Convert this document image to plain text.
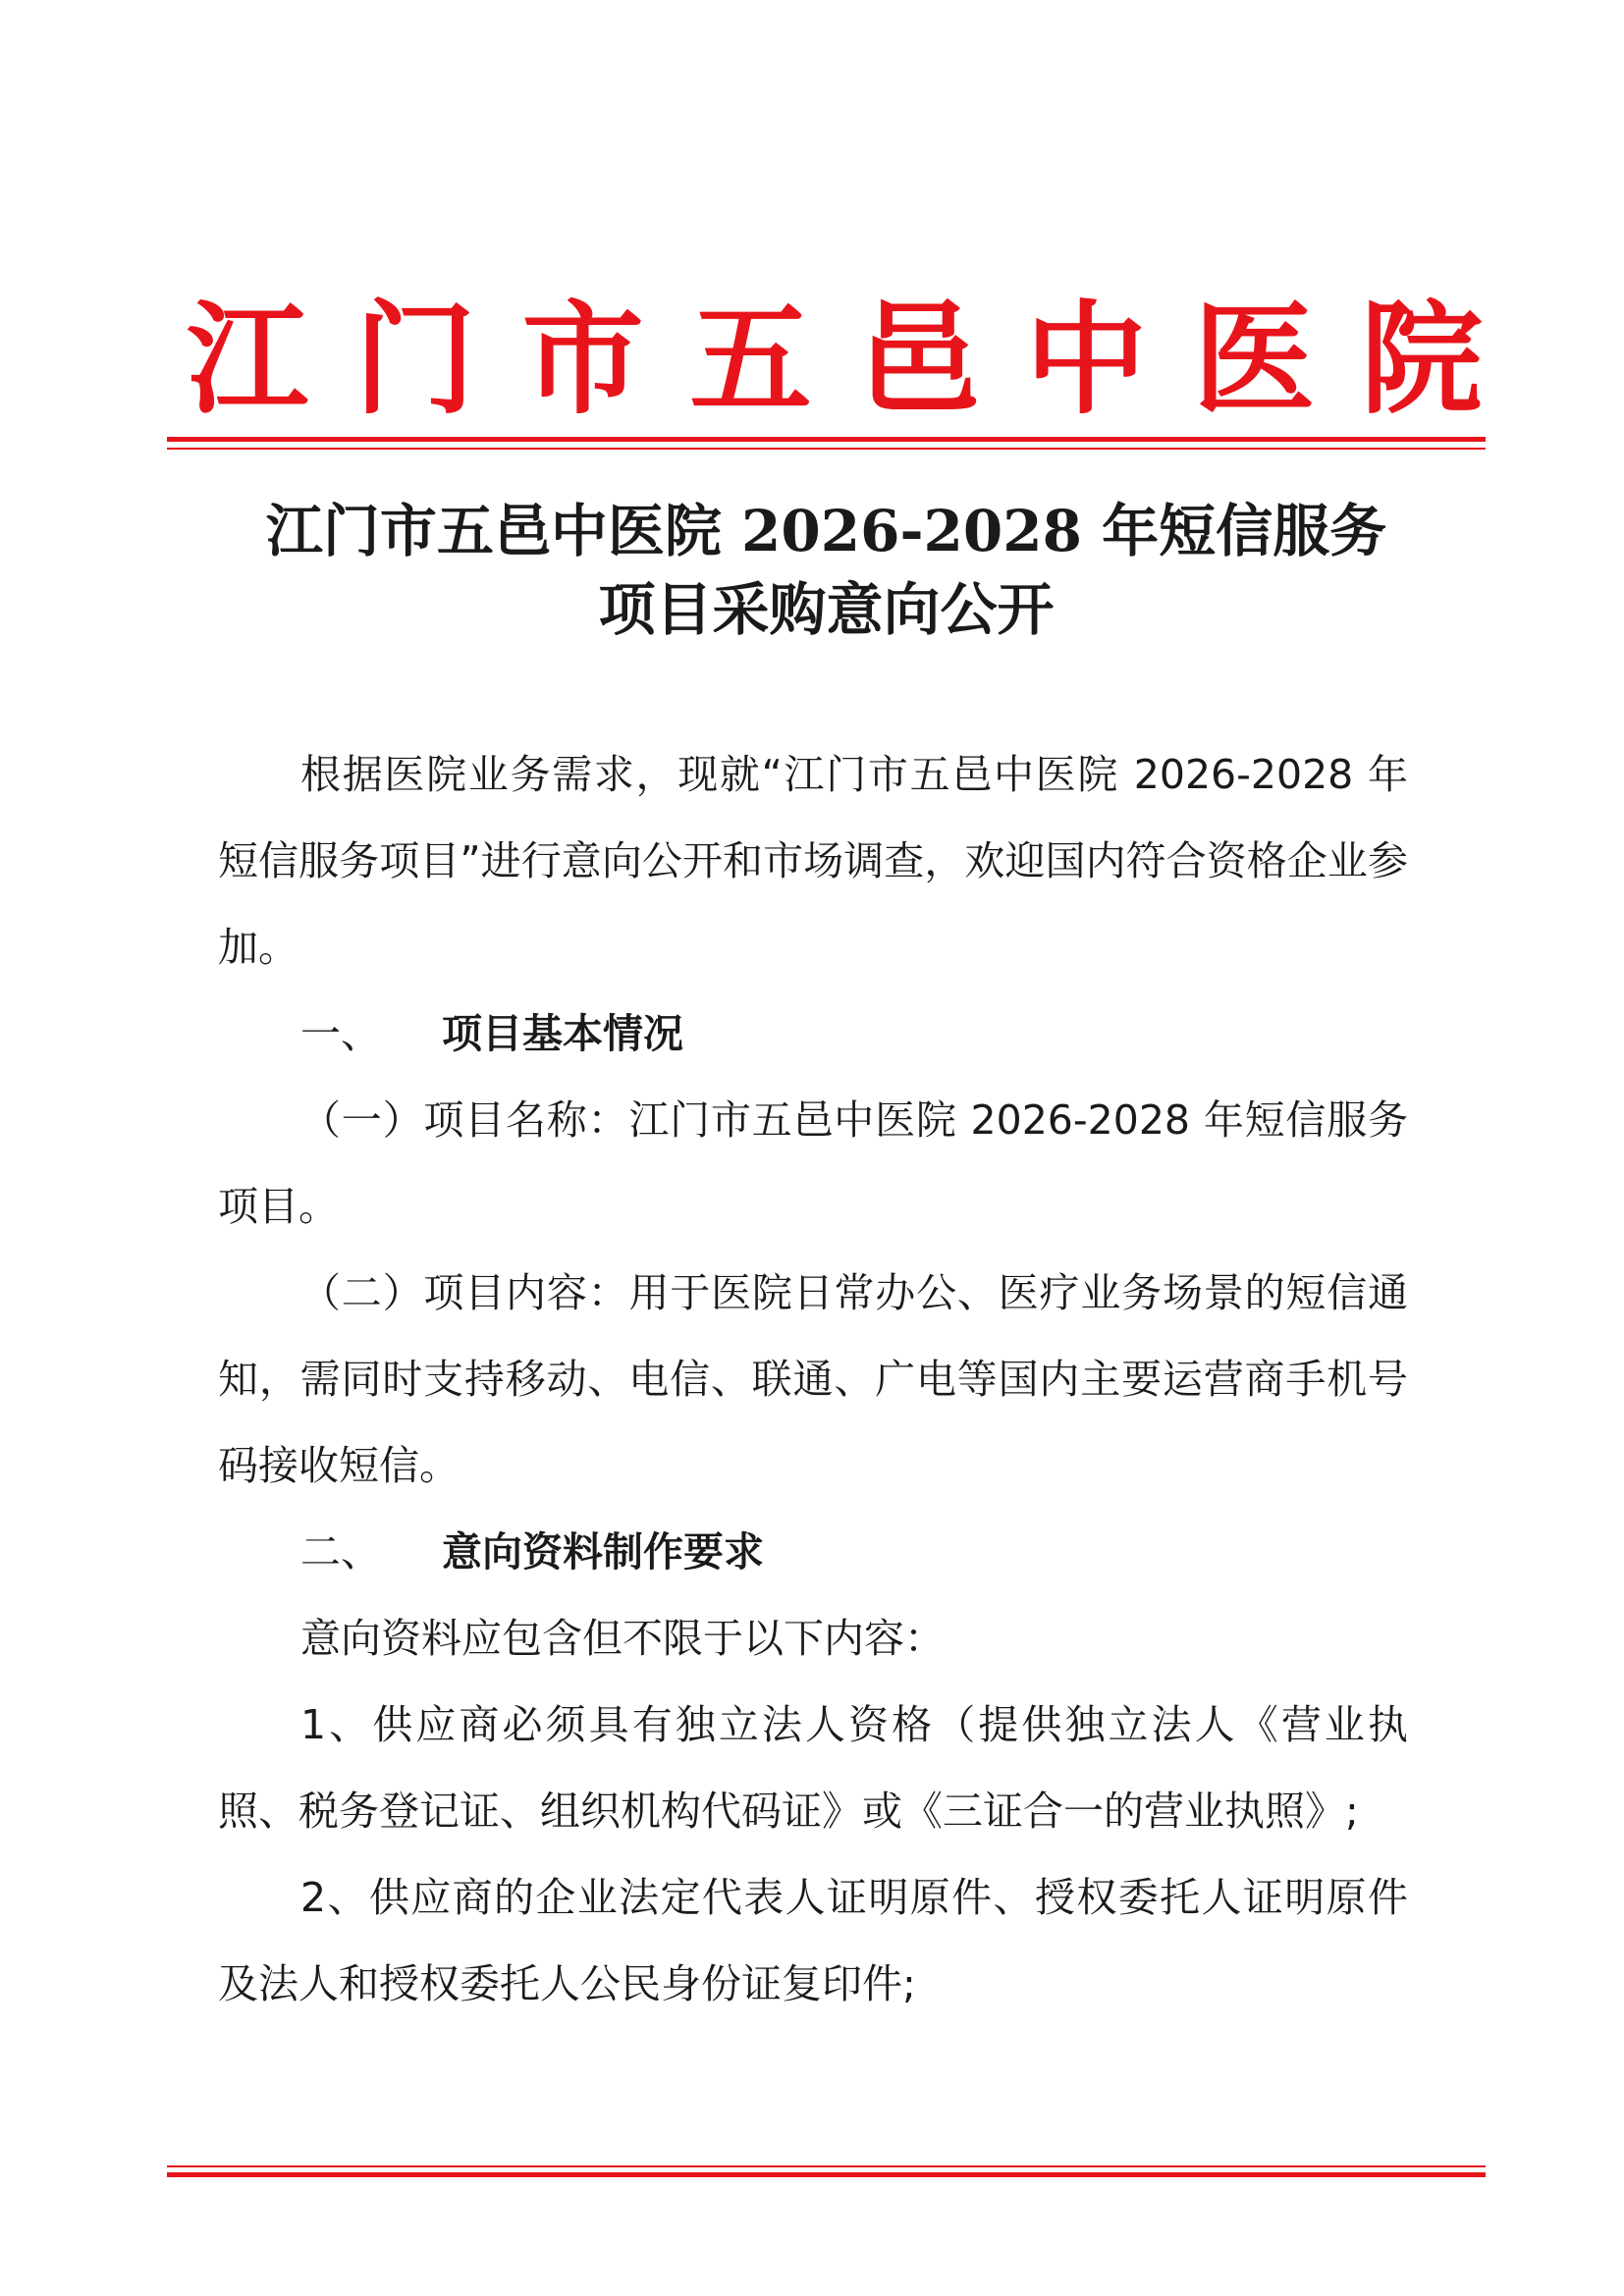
江 门 市 五 邑 中 医 院
江门市五邑中医院 2026-2028 年短信服务
项目采购意向公开

根据医院业务需求，现就“江门市五邑中医院 2026-2028 年短信服务项目”进行意向公开和市场调查，欢迎国内符合资格企业参加。

一、 项目基本情况

（一）项目名称：江门市五邑中医院 2026-2028 年短信服务项目。

（二）项目内容：用于医院日常办公、医疗业务场景的短信通知，需同时支持移动、电信、联通、广电等国内主要运营商手机号码接收短信。

二、 意向资料制作要求

意向资料应包含但不限于以下内容：

1、供应商必须具有独立法人资格（提供独立法人《营业执照、税务登记证、组织机构代码证》或《三证合一的营业执照》;

2、供应商的企业法定代表人证明原件、授权委托人证明原件及法人和授权委托人公民身份证复印件;
